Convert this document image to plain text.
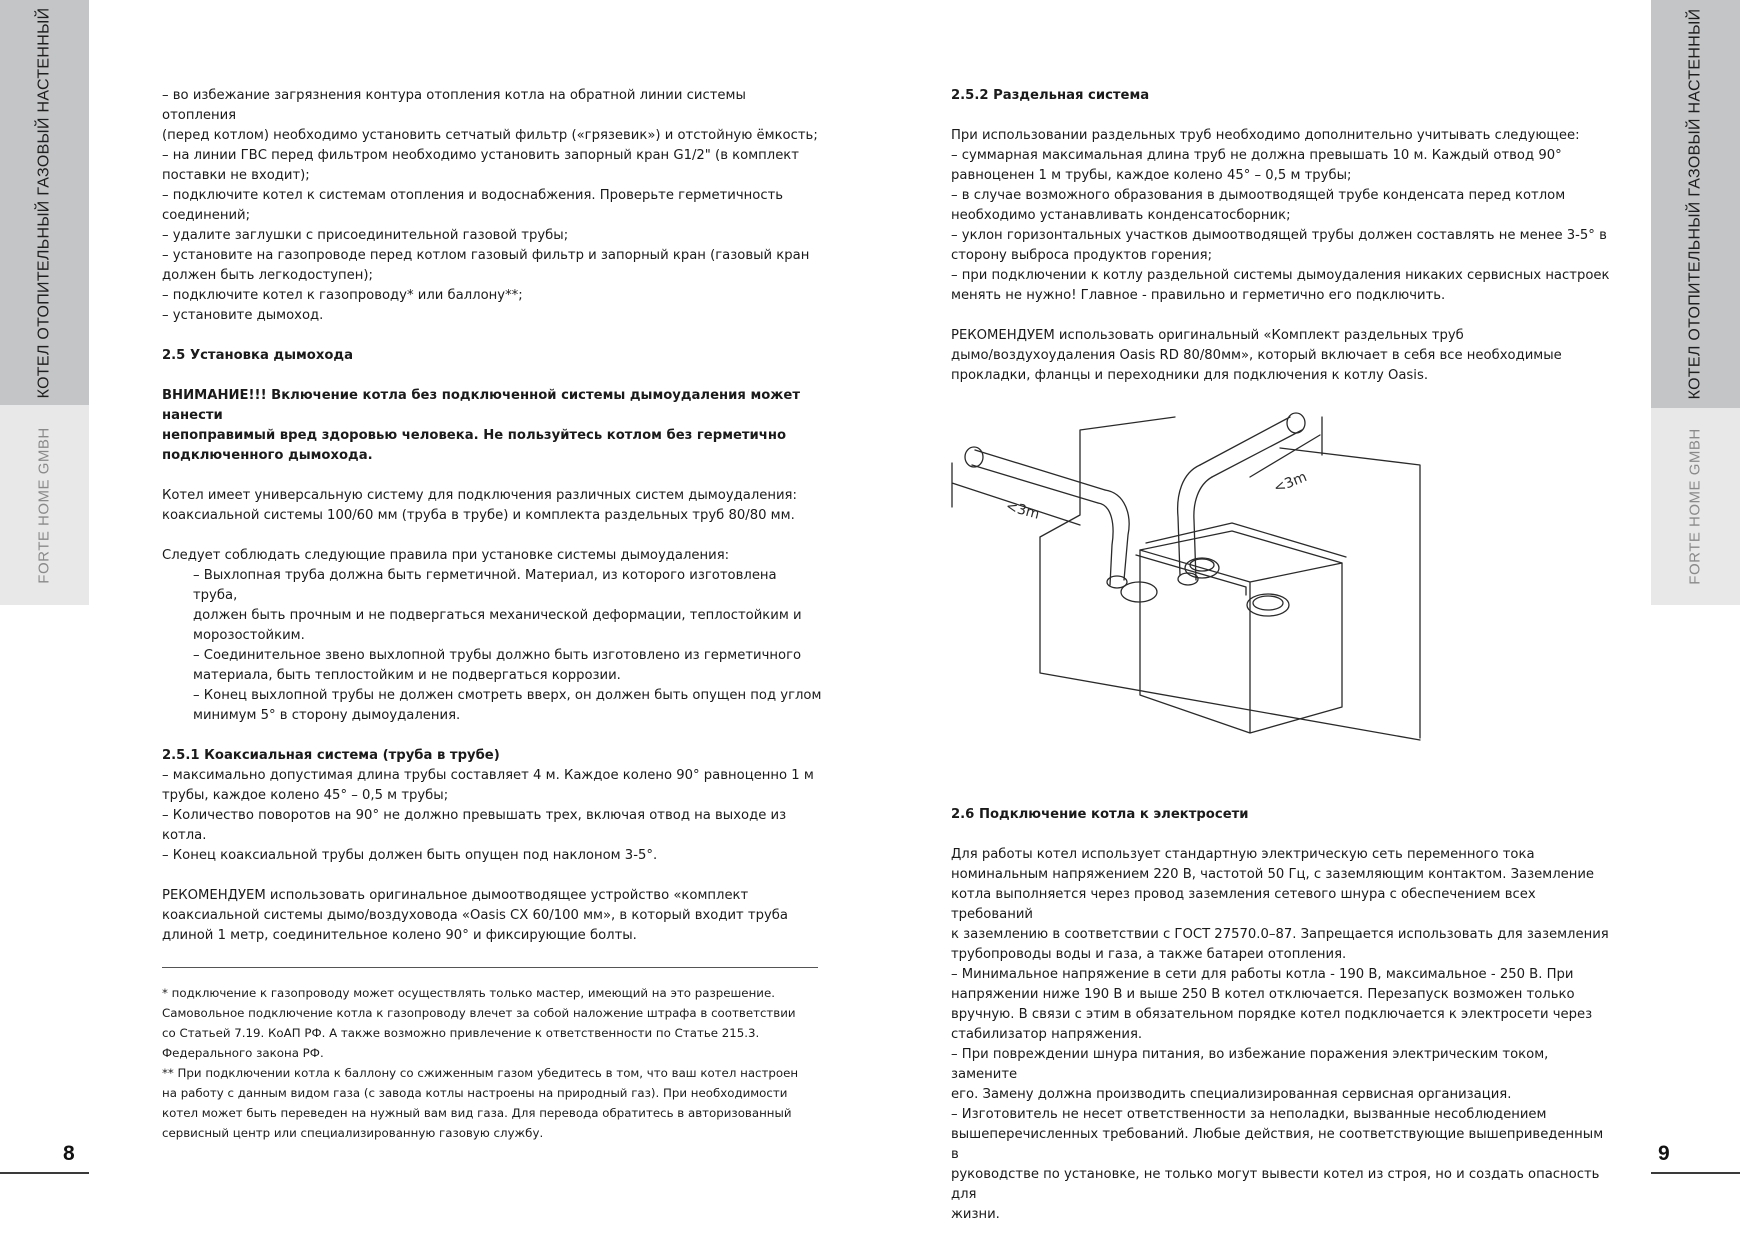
КОТЕЛ ОТОПИТЕЛЬНЫЙ ГАЗОВЫЙ НАСТЕННЫЙ
FORTE HOME GMBH
КОТЕЛ ОТОПИТЕЛЬНЫЙ ГАЗОВЫЙ НАСТЕННЫЙ
FORTE HOME GMBH
8	9

– во избежание загрязнения контура отопления котла на обратной линии системы отопления

(перед котлом) необходимо установить сетчатый фильтр («грязевик») и отстойную ёмкость;

– на линии ГВС перед фильтром необходимо установить запорный кран G1/2" (в комплект

поставки не входит);

– подключите котел к системам отопления и водоснабжения. Проверьте герметичность

соединений;

– удалите заглушки с присоединительной газовой трубы;

– установите на газопроводе перед котлом газовый фильтр и запорный кран (газовый кран

должен быть легкодоступен);

– подключите котел к газопроводу* или баллону**;

– установите дымоход.

2.5 Установка дымохода

ВНИМАНИЕ!!! Включение котла без подключенной системы дымоудаления может нанести

непоправимый вред здоровью человека. Не пользуйтесь котлом без герметично

подключенного дымохода.

Котел имеет универсальную систему для подключения различных систем дымоудаления:

коаксиальной системы 100/60 мм (труба в трубе) и комплекта раздельных труб 80/80 мм.

Следует соблюдать следующие правила при установке системы дымоудаления:

– Выхлопная труба должна быть герметичной. Материал, из которого изготовлена труба,

должен быть прочным и не подвергаться механической деформации, теплостойким и

морозостойким.

– Соединительное звено выхлопной трубы должно быть изготовлено из герметичного

материала, быть теплостойким и не подвергаться коррозии.

– Конец выхлопной трубы не должен смотреть вверх, он должен быть опущен под углом

минимум 5° в сторону дымоудаления.

2.5.1 Коаксиальная система (труба в трубе)

– максимально допустимая длина трубы составляет 4 м. Каждое колено 90° равноценно 1 м

трубы, каждое колено 45° – 0,5 м трубы;

– Количество поворотов на 90° не должно превышать трех, включая отвод на выходе из котла.

– Конец коаксиальной трубы должен быть опущен под наклоном 3-5°.

РЕКОМЕНДУЕМ использовать оригинальное дымоотводящее устройство «комплект

коаксиальной системы дымо/воздуховода «Oasis CX 60/100 мм», в который входит труба

длиной 1 метр, соединительное колено 90° и фиксирующие болты.

* подключение к газопроводу может осуществлять только мастер, имеющий на это разрешение.

Самовольное подключение котла к газопроводу влечет за собой наложение штрафа в соответствии

со Статьей 7.19. КоАП РФ. А также возможно привлечение к ответственности по Статье 215.3.

Федерального закона РФ.

** При подключении котла к баллону со сжиженным газом убедитесь в том, что ваш котел настроен

на работу с данным видом газа (с завода котлы настроены на природный газ). При необходимости

котел может быть переведен на нужный вам вид газа. Для перевода обратитесь в авторизованный

сервисный центр или специализированную газовую службу.

2.5.2 Раздельная система

При использовании раздельных труб необходимо дополнительно учитывать следующее:

– суммарная максимальная длина труб не должна превышать 10 м. Каждый отвод 90°

равноценен 1 м трубы, каждое колено 45° – 0,5 м трубы;

– в случае возможного образования в дымоотводящей трубе конденсата перед котлом

необходимо устанавливать конденсатосборник;

– уклон горизонтальных участков дымоотводящей трубы должен составлять не менее 3-5° в

сторону выброса продуктов горения;

– при подключении к котлу раздельной системы дымоудаления никаких сервисных настроек

менять не нужно! Главное - правильно и герметично его подключить.

РЕКОМЕНДУЕМ использовать оригинальный «Комплект раздельных труб

дымо/воздухоудаления Oasis RD 80/80мм», который включает в себя все необходимые

прокладки, фланцы и переходники для подключения к котлу Oasis.

<3m
<3m

2.6 Подключение котла к электросети

Для работы котел использует стандартную электрическую сеть переменного тока

номинальным напряжением 220 В, частотой 50 Гц, с заземляющим контактом. Заземление

котла выполняется через провод заземления сетевого шнура с обеспечением всех требований

к заземлению в соответствии с ГОСТ 27570.0–87. Запрещается использовать для заземления

трубопроводы воды и газа, а также батареи отопления.

– Минимальное напряжение в сети для работы котла - 190 В, максимальное - 250 В. При

напряжении ниже 190 В и выше 250 В котел отключается. Перезапуск возможен только

вручную. В связи с этим в обязательном порядке котел подключается к электросети через

стабилизатор напряжения.

– При повреждении шнура питания, во избежание поражения электрическим током, замените

его. Замену должна производить специализированная сервисная организация.

– Изготовитель не несет ответственности за неполадки, вызванные несоблюдением

вышеперечисленных требований. Любые действия, не соответствующие вышеприведенным в

руководстве по установке, не только могут вывести котел из строя, но и создать опасность для

жизни.
